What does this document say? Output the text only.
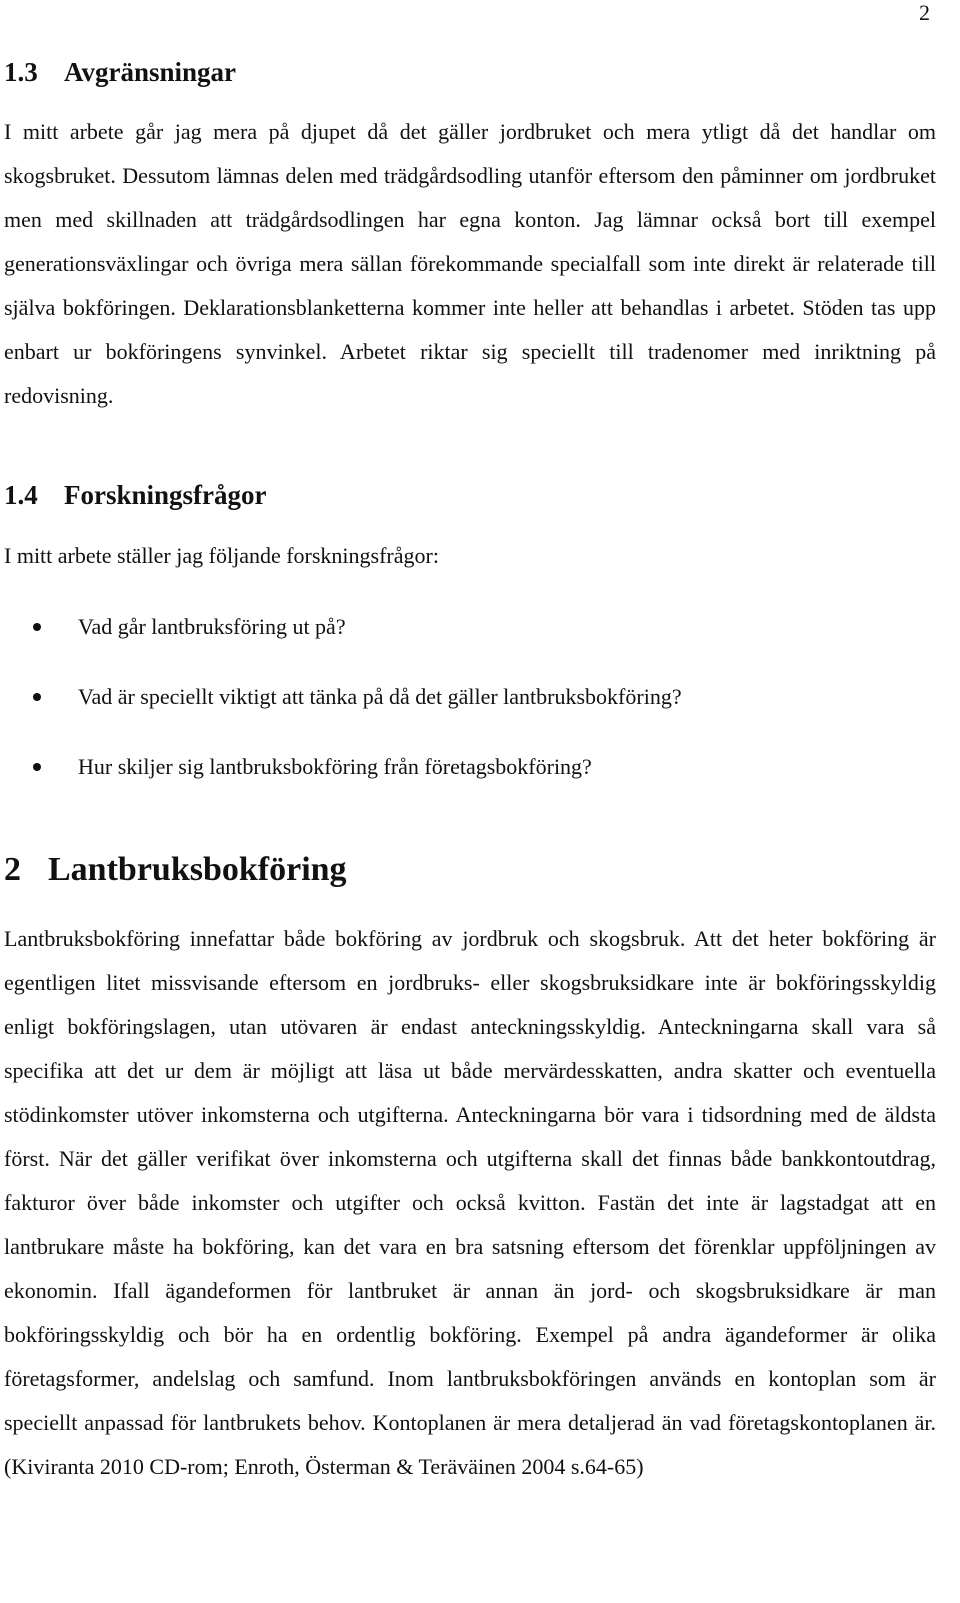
2
1.3 Avgränsningar

I mitt arbete går jag mera på djupet då det gäller jordbruket och mera ytligt då det handlar om skogsbruket. Dessutom lämnas delen med trädgårdsodling utanför eftersom den påminner om jordbruket men med skillnaden att trädgårdsodlingen har egna konton. Jag lämnar också bort till exempel generationsväxlingar och övriga mera sällan förekommande specialfall som inte direkt är relaterade till själva bokföringen. Deklarationsblanketterna kommer inte heller att behandlas i arbetet. Stöden tas upp enbart ur bokföringens synvinkel. Arbetet riktar sig speciellt till tradenomer med inriktning på redovisning.

1.4 Forskningsfrågor

I mitt arbete ställer jag följande forskningsfrågor:

Vad går lantbruksföring ut på?
Vad är speciellt viktigt att tänka på då det gäller lantbruksbokföring?
Hur skiljer sig lantbruksbokföring från företagsbokföring?
2 Lantbruksbokföring

Lantbruksbokföring innefattar både bokföring av jordbruk och skogsbruk. Att det heter bokföring är egentligen litet missvisande eftersom en jordbruks- eller skogsbruksidkare inte är bokföringsskyldig enligt bokföringslagen, utan utövaren är endast anteckningsskyldig. Anteckningarna skall vara så specifika att det ur dem är möjligt att läsa ut både mervärdesskatten, andra skatter och eventuella stödinkomster utöver inkomsterna och utgifterna. Anteckningarna bör vara i tidsordning med de äldsta först. När det gäller verifikat över inkomsterna och utgifterna skall det finnas både bankkontoutdrag, fakturor över både inkomster och utgifter och också kvitton. Fastän det inte är lagstadgat att en lantbrukare måste ha bokföring, kan det vara en bra satsning eftersom det förenklar uppföljningen av ekonomin. Ifall ägandeformen för lantbruket är annan än jord- och skogsbruksidkare är man bokföringsskyldig och bör ha en ordentlig bokföring. Exempel på andra ägandeformer är olika företagsformer, andelslag och samfund. Inom lantbruksbokföringen används en kontoplan som är speciellt anpassad för lantbrukets behov. Kontoplanen är mera detaljerad än vad företagskontoplanen är. (Kiviranta 2010 CD-rom; Enroth, Österman & Teräväinen 2004 s.64-65)
